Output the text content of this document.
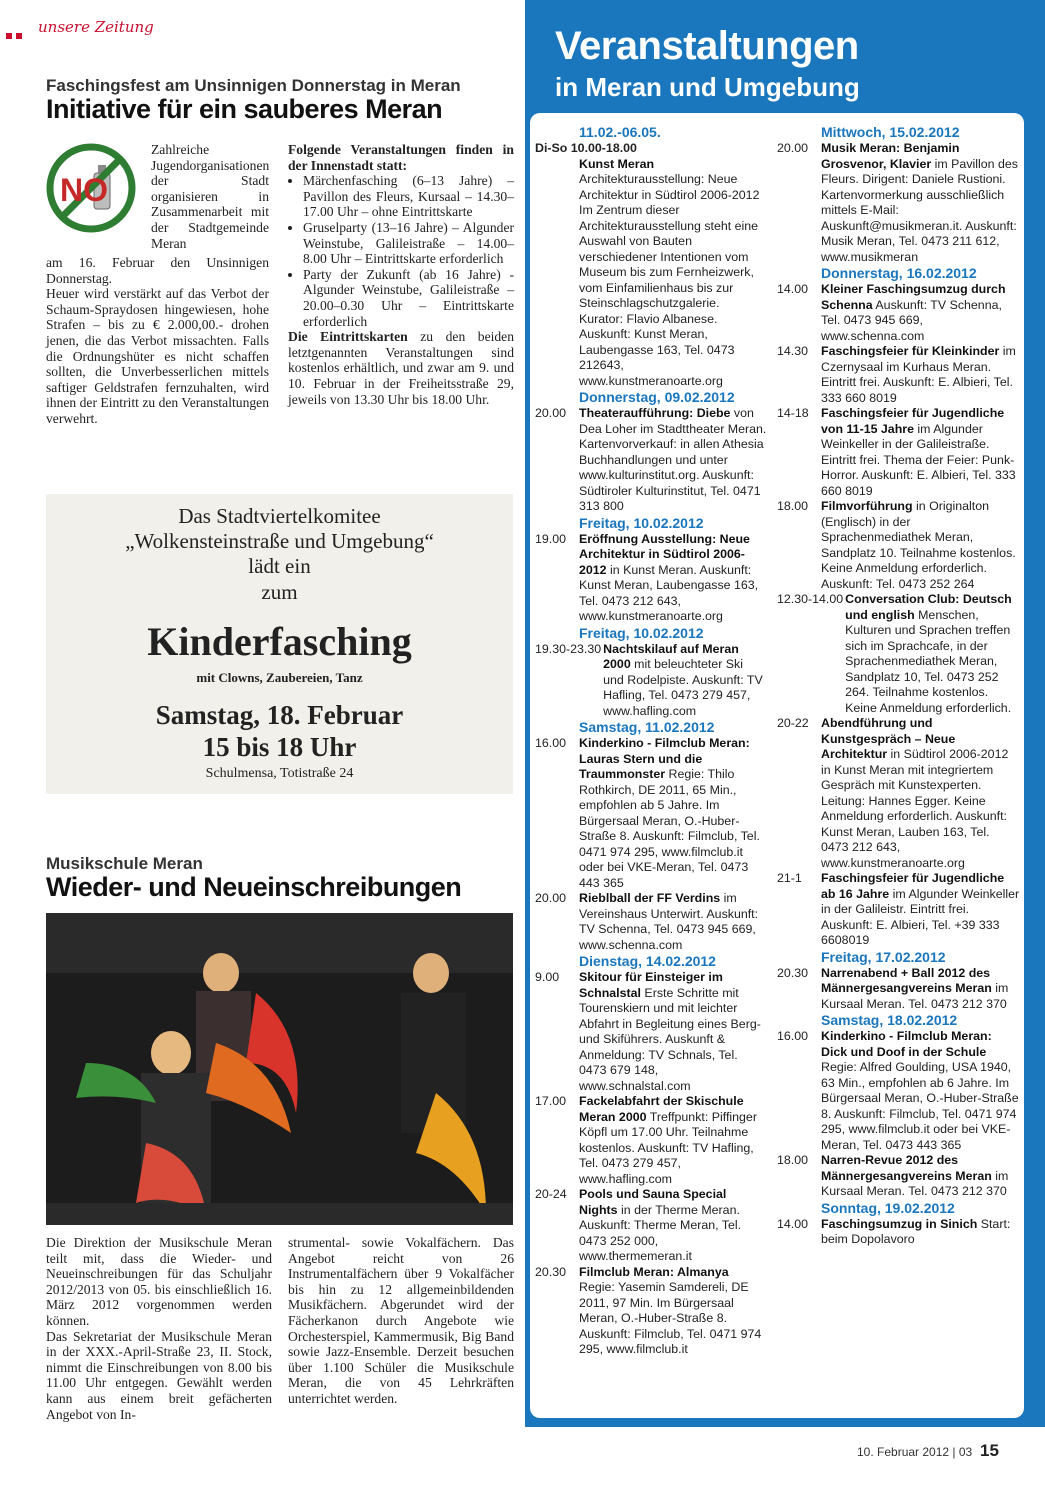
unsere Zeitung
Faschingsfest am Unsinnigen Donnerstag in Meran
Initiative für ein sauberes Meran
NO
Zahlreiche Jugendorganisationen der Stadt organisieren in Zusammenarbeit mit der Stadtgemeinde Meran

am 16. Februar den Unsinnigen Donnerstag.

Heuer wird verstärkt auf das Verbot der Schaum-Spraydosen hingewiesen, hohe Strafen – bis zu € 2.000,00.- drohen jenen, die das Verbot missachten. Falls die Ordnungshüter es nicht schaffen sollten, die Unverbesserlichen mittels saftiger Geldstrafen fernzuhalten, wird ihnen der Eintritt zu den Veranstaltungen verwehrt.

Folgende Veranstaltungen finden in der Innenstadt statt:

• Märchenfasching (6–13 Jahre) – Pavillon des Fleurs, Kursaal – 14.30–17.00 Uhr – ohne Eintrittskarte
• Gruselparty (13–16 Jahre) – Algunder Weinstube, Galileistraße – 14.00– 8.00 Uhr – Eintrittskarte erforderlich
• Party der Zukunft (ab 16 Jahre) - Algunder Weinstube, Galileistraße – 20.00–0.30 Uhr – Eintrittskarte erforderlich

Die Eintrittskarten zu den beiden letztgenannten Veranstaltungen sind kostenlos erhältlich, und zwar am 9. und 10. Februar in der Freiheitsstraße 29, jeweils von 13.30 Uhr bis 18.00 Uhr.

Das Stadtviertelkomitee
„Wolkensteinstraße und Umgebung“
lädt ein
zum
Kinderfasching
mit Clowns, Zaubereien, Tanz
Samstag, 18. Februar
15 bis 18 Uhr
Schulmensa, Totistraße 24
Musikschule Meran
Wieder- und Neueinschreibungen

Die Direktion der Musikschule Meran teilt mit, dass die Wieder- und Neueinschreibungen für das Schuljahr 2012/2013 von 05. bis einschließlich 16. März 2012 vorgenommen werden können.

Das Sekretariat der Musikschule Meran in der XXX.-April-Straße 23, II. Stock, nimmt die Einschreibungen von 8.00 bis 11.00 Uhr entgegen. Gewählt werden kann aus einem breit gefächerten Angebot von In-

strumental- sowie Vokalfächern. Das Angebot reicht von 26 Instrumentalfächern über 9 Vokalfächer bis hin zu 12 allgemeinbildenden Musikfächern. Abgerundet wird der Fächerkanon durch Angebote wie Orchesterspiel, Kammermusik, Big Band sowie Jazz-Ensemble. Derzeit besuchen über 1.100 Schüler die Musikschule Meran, die von 45 Lehrkräften unterrichtet werden.
Veranstaltungen
in Meran und Umgebung
11.02.-06.05.
Di-So 10.00-18.00
Kunst Meran
Architekturausstellung: Neue Architektur in Südtirol 2006-2012 Im Zentrum dieser Architekturausstellung steht eine Auswahl von Bauten verschiedener Intentionen vom Museum bis zum Fernheizwerk, vom Einfamilienhaus bis zur Steinschlagschutzgalerie. Kurator: Flavio Albanese. Auskunft: Kunst Meran, Laubengasse 163, Tel. 0473 212643, www.kunstmeranoarte.org
Donnerstag, 09.02.2012
20.00	Theateraufführung: Diebe von Dea Loher im Stadttheater Meran. Kartenvorverkauf: in allen Athesia Buchhandlungen und unter www.kulturinstitut.org. Auskunft: Südtiroler Kulturinstitut, Tel. 0471 313 800
Freitag, 10.02.2012
19.00	Eröffnung Ausstellung: Neue Architektur in Südtirol 2006-2012 in Kunst Meran. Auskunft: Kunst Meran, Laubengasse 163, Tel. 0473 212 643, www.kunstmeranoarte.org
Freitag, 10.02.2012
19.30-23.30 Nachtskilauf auf Meran 2000 mit beleuchteter Ski und Rodelpiste. Auskunft: TV Hafling, Tel. 0473 279 457, www.hafling.com
Samstag, 11.02.2012
16.00	Kinderkino - Filmclub Meran: Lauras Stern und die Traummonster Regie: Thilo Rothkirch, DE 2011, 65 Min., empfohlen ab 5 Jahre. Im Bürgersaal Meran, O.-Huber-Straße 8. Auskunft: Filmclub, Tel. 0471 974 295, www.filmclub.it oder bei VKE-Meran, Tel. 0473 443 365
20.00	Rieblball der FF Verdins im Vereinshaus Unterwirt. Auskunft: TV Schenna, Tel. 0473 945 669, www.schenna.com
Dienstag, 14.02.2012
9.00	Skitour für Einsteiger im Schnalstal Erste Schritte mit Tourenskiern und mit leichter Abfahrt in Begleitung eines Berg- und Skiführers. Auskunft & Anmeldung: TV Schnals, Tel. 0473 679 148, www.schnalstal.com
17.00	Fackelabfahrt der Skischule Meran 2000 Treffpunkt: Piffinger Köpfl um 17.00 Uhr. Teilnahme kostenlos. Auskunft: TV Hafling, Tel. 0473 279 457, www.hafling.com
20-24 Pools und Sauna Special Nights in der Therme Meran. Auskunft: Therme Meran, Tel. 0473 252 000, www.thermemeran.it
20.30	Filmclub Meran: Almanya Regie: Yasemin Samdereli, DE 2011, 97 Min. Im Bürgersaal Meran, O.-Huber-Straße 8. Auskunft: Filmclub, Tel. 0471 974 295, www.filmclub.it
Mittwoch, 15.02.2012
20.00	Musik Meran: Benjamin Grosvenor, Klavier im Pavillon des Fleurs. Dirigent: Daniele Rustioni. Kartenvormerkung ausschließlich mittels E-Mail: Auskunft@musikmeran.it. Auskunft: Musik Meran, Tel. 0473 211 612, www.musikmeran
Donnerstag, 16.02.2012
14.00	Kleiner Faschingsumzug durch Schenna Auskunft: TV Schenna, Tel. 0473 945 669, www.schenna.com
14.30	Faschingsfeier für Kleinkinder im Czernysaal im Kurhaus Meran. Eintritt frei. Auskunft: E. Albieri, Tel. 333 660 8019
14-18 Faschingsfeier für Jugendliche von 11-15 Jahre im Algunder Weinkeller in der Galileistraße. Eintritt frei. Thema der Feier: Punk-Horror. Auskunft: E. Albieri, Tel. 333 660 8019
18.00	Filmvorführung in Originalton (Englisch) in der Sprachenmediathek Meran, Sandplatz 10. Teilnahme kostenlos. Keine Anmeldung erforderlich. Auskunft: Tel. 0473 252 264
12.30-14.00 Conversation Club: Deutsch und english Menschen, Kulturen und Sprachen treffen sich im Sprachcafe, in der Sprachenmediathek Meran, Sandplatz 10, Tel. 0473 252 264. Teilnahme kostenlos. Keine Anmeldung erforderlich.
20-22 Abendführung und Kunstgespräch – Neue Architektur in Südtirol 2006-2012 in Kunst Meran mit integriertem Gespräch mit Kunstexperten. Leitung: Hannes Egger. Keine Anmeldung erforderlich. Auskunft: Kunst Meran, Lauben 163, Tel. 0473 212 643, www.kunstmeranoarte.org
21-1	Faschingsfeier für Jugendliche ab 16 Jahre im Algunder Weinkeller in der Galileistr. Eintritt frei. Auskunft: E. Albieri, Tel. +39 333 6608019
Freitag, 17.02.2012
20.30	Narrenabend + Ball 2012 des Männergesangvereins Meran im Kursaal Meran. Tel. 0473 212 370
Samstag, 18.02.2012
16.00	Kinderkino - Filmclub Meran: Dick und Doof in der Schule Regie: Alfred Goulding, USA 1940, 63 Min., empfohlen ab 6 Jahre. Im Bürgersaal Meran, O.-Huber-Straße 8. Auskunft: Filmclub, Tel. 0471 974 295, www.filmclub.it oder bei VKE-Meran, Tel. 0473 443 365
18.00	Narren-Revue 2012 des Männergesangvereins Meran im Kursaal Meran. Tel. 0473 212 370
Sonntag, 19.02.2012
14.00	Faschingsumzug in Sinich Start: beim Dopolavoro
10. Februar 2012 | 03 15
